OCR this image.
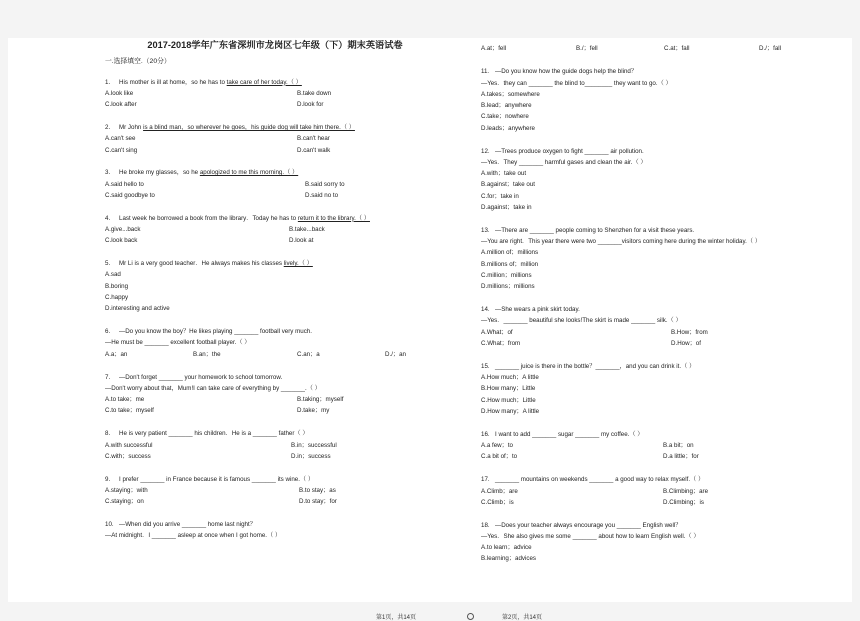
2017-2018学年广东省深圳市龙岗区七年级（下）期末英语试卷
一.选择填空.（20分）

1. His mother is ill at home，so he has to take care of her today.（ ）

A.look like	B.take down
C.look after	D.look for

2. Mr John is a blind man，so wherever he goes，his guide dog will take him there.（ ）

A.can't see	B.can't hear
C.can't sing	D.can't walk

3. He broke my glasses，so he apologized to me this morning.（ ）

A.said hello to	B.said sorry to
C.said goodbye to	D.said no to

4. Last week he borrowed a book from the library．Today he has to return it to the library.（ ）

A.give...back	B.take...back
C.look back	D.look at

5. Mr Li is a very good teacher．He always makes his classes lively.（ ）

A.sad
B.boring
C.happy
D.interesting and active

6. —Do you know the boy？He likes playing _______ football very much.

—He must be _______ excellent football player.（ ）

A.a；an	B.an；the	C.an；a	D./；an

7. —Don't forget _______ your homework to school tomorrow.

—Don't worry about that，Mum!I can take care of everything by _______.（ ）

A.to take；me	B.taking；myself
C.to take；myself	D.take；my

8. He is very patient _______ his children．He is a _______ father（ ）

A.with successful	B.in；successful
C.with；success	D.in；success

9. I prefer _______ in France because it is famous _______ its wine.（ ）

A.staying；with	B.to stay；as
C.staying；on	D.to stay；for

10. —When did you arrive _______ home last night？

—At midnight．I _______ asleep at once when I got home.（ ）

A.at；fell	B./；fell	C.at；fall	D./；fall

11. —Do you know how the guide dogs help the blind？

—Yes．they can _______ the blind to________ they want to go.（ ）

A.takes；somewhere

B.lead；anywhere

C.take；nowhere

D.leads；anywhere

12. —Trees produce oxygen to fight _______ air pollution.

—Yes．They _______ harmful gases and clean the air.（ ）

A.with；take out

B.against；take out

C.for；take in

D.against；take in

13. —There are _______ people coming to Shenzhen for a visit these years.

—You are right．This year there were two _______visitors coming here during the winter holiday.（ ）

A.million of；millions

B.millions of；million

C.million；millions

D.millions；millions

14. —She wears a pink skirt today.

—Yes．_______ beautiful she looks!The skirt is made _______ silk.（ ）

A.What；of	B.How；from
C.What；from	D.How；of

15. _______ juice is there in the bottle？_______，and you can drink it.（ ）

A.How much；A little

B.How many；Little

C.How much；Little

D.How many；A little

16. I want to add _______ sugar _______ my coffee.（ ）

A.a few；to	B.a bit；on
C.a bit of；to	D.a little；for

17. _______ mountains on weekends _______ a good way to relax myself.（ ）

A.Climb；are	B.Climbing；are
C.Climb；is	D.Climbing；is

18. —Does your teacher always encourage you _______ English well？

—Yes．She also gives me some _______ about how to learn English well.（ ）

A.to learn；advice

B.learning；advices

第1页，共14页	第2页，共14页
